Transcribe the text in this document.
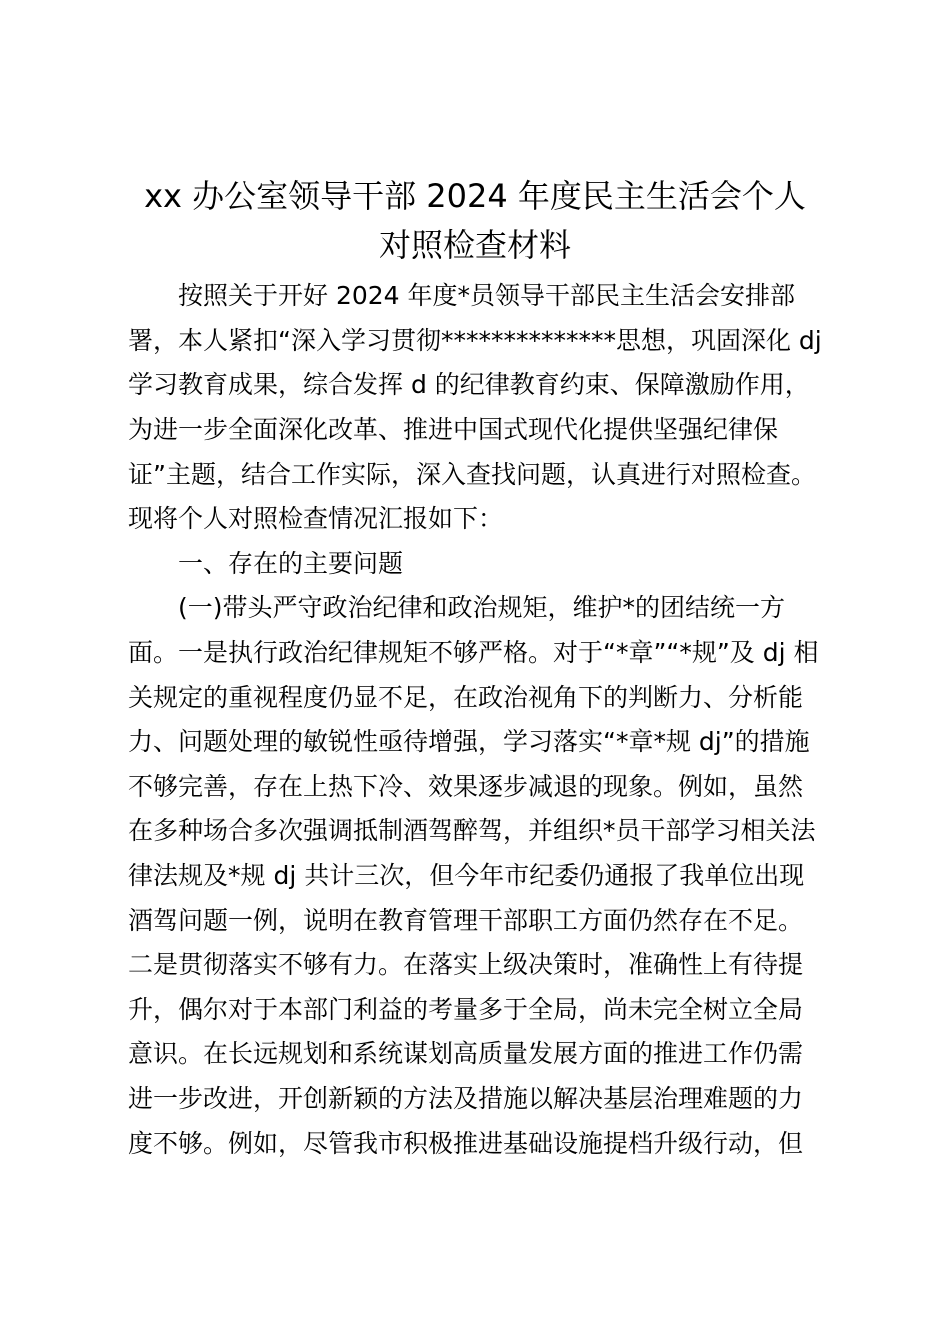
xx 办公室领导干部 2024 年度民主生活会个人
对照检查材料

按照关于开好 2024 年度*员领导干部民主生活会安排部

署，本人紧扣“深入学习贯彻**************思想，巩固深化 dj

学习教育成果，综合发挥 d 的纪律教育约束、保障激励作用，

为进一步全面深化改革、推进中国式现代化提供坚强纪律保

证”主题，结合工作实际，深入查找问题，认真进行对照检查。

现将个人对照检查情况汇报如下：

一、存在的主要问题

(一)带头严守政治纪律和政治规矩，维护*的团结统一方

面。一是执行政治纪律规矩不够严格。对于“*章”“*规”及 dj 相

关规定的重视程度仍显不足，在政治视角下的判断力、分析能

力、问题处理的敏锐性亟待增强，学习落实“*章*规 dj”的措施

不够完善，存在上热下冷、效果逐步减退的现象。例如，虽然

在多种场合多次强调抵制酒驾醉驾，并组织*员干部学习相关法

律法规及*规 dj 共计三次，但今年市纪委仍通报了我单位出现

酒驾问题一例，说明在教育管理干部职工方面仍然存在不足。

二是贯彻落实不够有力。在落实上级决策时，准确性上有待提

升，偶尔对于本部门利益的考量多于全局，尚未完全树立全局

意识。在长远规划和系统谋划高质量发展方面的推进工作仍需

进一步改进，开创新颖的方法及措施以解决基层治理难题的力

度不够。例如，尽管我市积极推进基础设施提档升级行动，但
